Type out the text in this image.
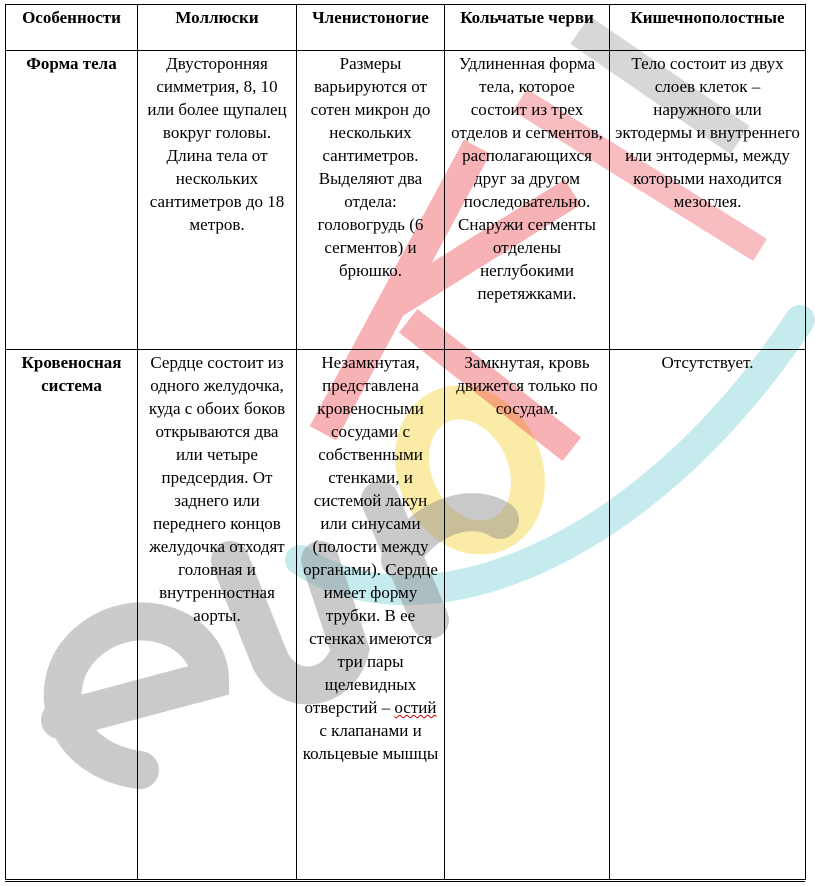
Особенности	Моллюски	Членистоногие	Кольчатые черви	Кишечнополостные
Форма тела	Двусторонняя симметрия, 8, 10 или более щупалец вокруг головы. Длина тела от нескольких сантиметров до 18 метров.	Размеры варьируются от сотен микрон до нескольких сантиметров. Выделяют два отдела: головогрудь (6 сегментов) и брюшко.	Удлиненная форма тела, которое состоит из трех отделов и сегментов, располагающихся друг за другом последовательно. Снаружи сегменты отделены неглубокими перетяжками.	Тело состоит из двух слоев клеток – наружного или эктодермы и внутреннего или энтодермы, между которыми находится мезоглея.
Кровеносная система	Сердце состоит из одного желудочка, куда с обоих боков открываются два или четыре предсердия. От заднего или переднего концов желудочка отходят головная и внутренностная аорты.	Незамкнутая, представлена кровеносными сосудами с собственными стенками, и системой лакун или синусами (полости между органами). Сердце имеет форму трубки. В ее стенках имеются три пары щелевидных отверстий – остий с клапанами и кольцевые мышцы	Замкнутая, кровь движется только по сосудам.	Отсутствует.
